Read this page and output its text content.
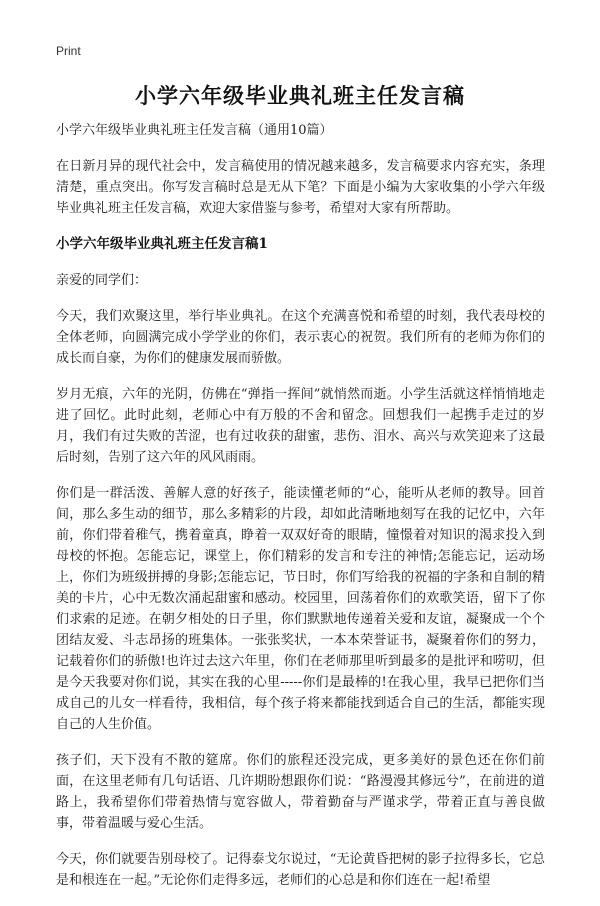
Print
小学六年级毕业典礼班主任发言稿

小学六年级毕业典礼班主任发言稿（通用10篇）

在日新月异的现代社会中，发言稿使用的情况越来越多，发言稿要求内容充实，条理清楚，重点突出。你写发言稿时总是无从下笔？下面是小编为大家收集的小学六年级毕业典礼班主任发言稿，欢迎大家借鉴与参考，希望对大家有所帮助。

小学六年级毕业典礼班主任发言稿1

亲爱的同学们：

今天，我们欢聚这里，举行毕业典礼。在这个充满喜悦和希望的时刻，我代表母校的全体老师，向圆满完成小学学业的你们，表示衷心的祝贺。我们所有的老师为你们的成长而自豪，为你们的健康发展而骄傲。

岁月无痕，六年的光阴，仿佛在“弹指一挥间”就悄然而逝。小学生活就这样悄悄地走进了回忆。此时此刻，老师心中有万般的不舍和留念。回想我们一起携手走过的岁月，我们有过失败的苦涩，也有过收获的甜蜜，悲伤、泪水、高兴与欢笑迎来了这最后时刻，告别了这六年的风风雨雨。

你们是一群活泼、善解人意的好孩子，能读懂老师的“心，能听从老师的教导。回首间，那么多生动的细节，那么多精彩的片段，却如此清晰地刻写在我的记忆中，六年前，你们带着稚气，携着童真，睁着一双双好奇的眼睛，憧憬着对知识的渴求投入到母校的怀抱。怎能忘记，课堂上，你们精彩的发言和专注的神情;怎能忘记，运动场上，你们为班级拼搏的身影;怎能忘记，节日时，你们写给我的祝福的字条和自制的精美的卡片，心中无数次涌起甜蜜和感动。校园里，回荡着你们的欢歌笑语，留下了你们求索的足迹。在朝夕相处的日子里，你们默默地传递着关爱和友谊，凝聚成一个个团结友爱、斗志昂扬的班集体。一张张奖状，一本本荣誉证书，凝聚着你们的努力，记载着你们的骄傲!也许过去这六年里，你们在老师那里听到最多的是批评和唠叨，但是今天我要对你们说，其实在我的心里-----你们是最棒的!在我心里，我早已把你们当成自己的儿女一样看待，我相信，每个孩子将来都能找到适合自己的生活，都能实现自己的人生价值。

孩子们，天下没有不散的筵席。你们的旅程还没完成，更多美好的景色还在你们前面，在这里老师有几句话语、几许期盼想跟你们说：“路漫漫其修远兮”，在前进的道路上，我希望你们带着热情与宽容做人，带着勤奋与严谨求学，带着正直与善良做事，带着温暖与爱心生活。

今天，你们就要告别母校了。记得泰戈尔说过，“无论黄昏把树的影子拉得多长，它总是和根连在一起。”无论你们走得多远，老师们的心总是和你们连在一起!希望
